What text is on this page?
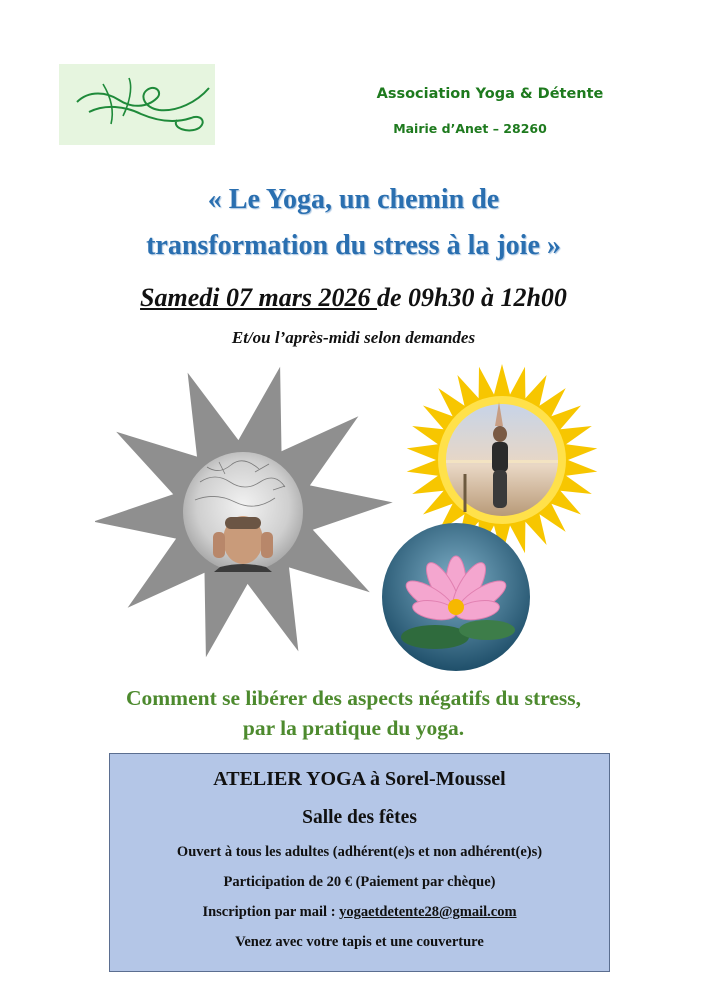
Association Yoga & Détente
Mairie d’Anet – 28260
« Le Yoga, un chemin de
transformation du stress à la joie »
Samedi 07 mars 2026 de 09h30 à 12h00
Et/ou l’après-midi selon demandes
Comment se libérer des aspects négatifs du stress,
par la pratique du yoga.
ATELIER YOGA à Sorel-Moussel
Salle des fêtes
Ouvert à tous les adultes (adhérent(e)s et non adhérent(e)s)
Participation de 20 € (Paiement par chèque)
Inscription par mail : yogaetdetente28@gmail.com
Venez avec votre tapis et une couverture
